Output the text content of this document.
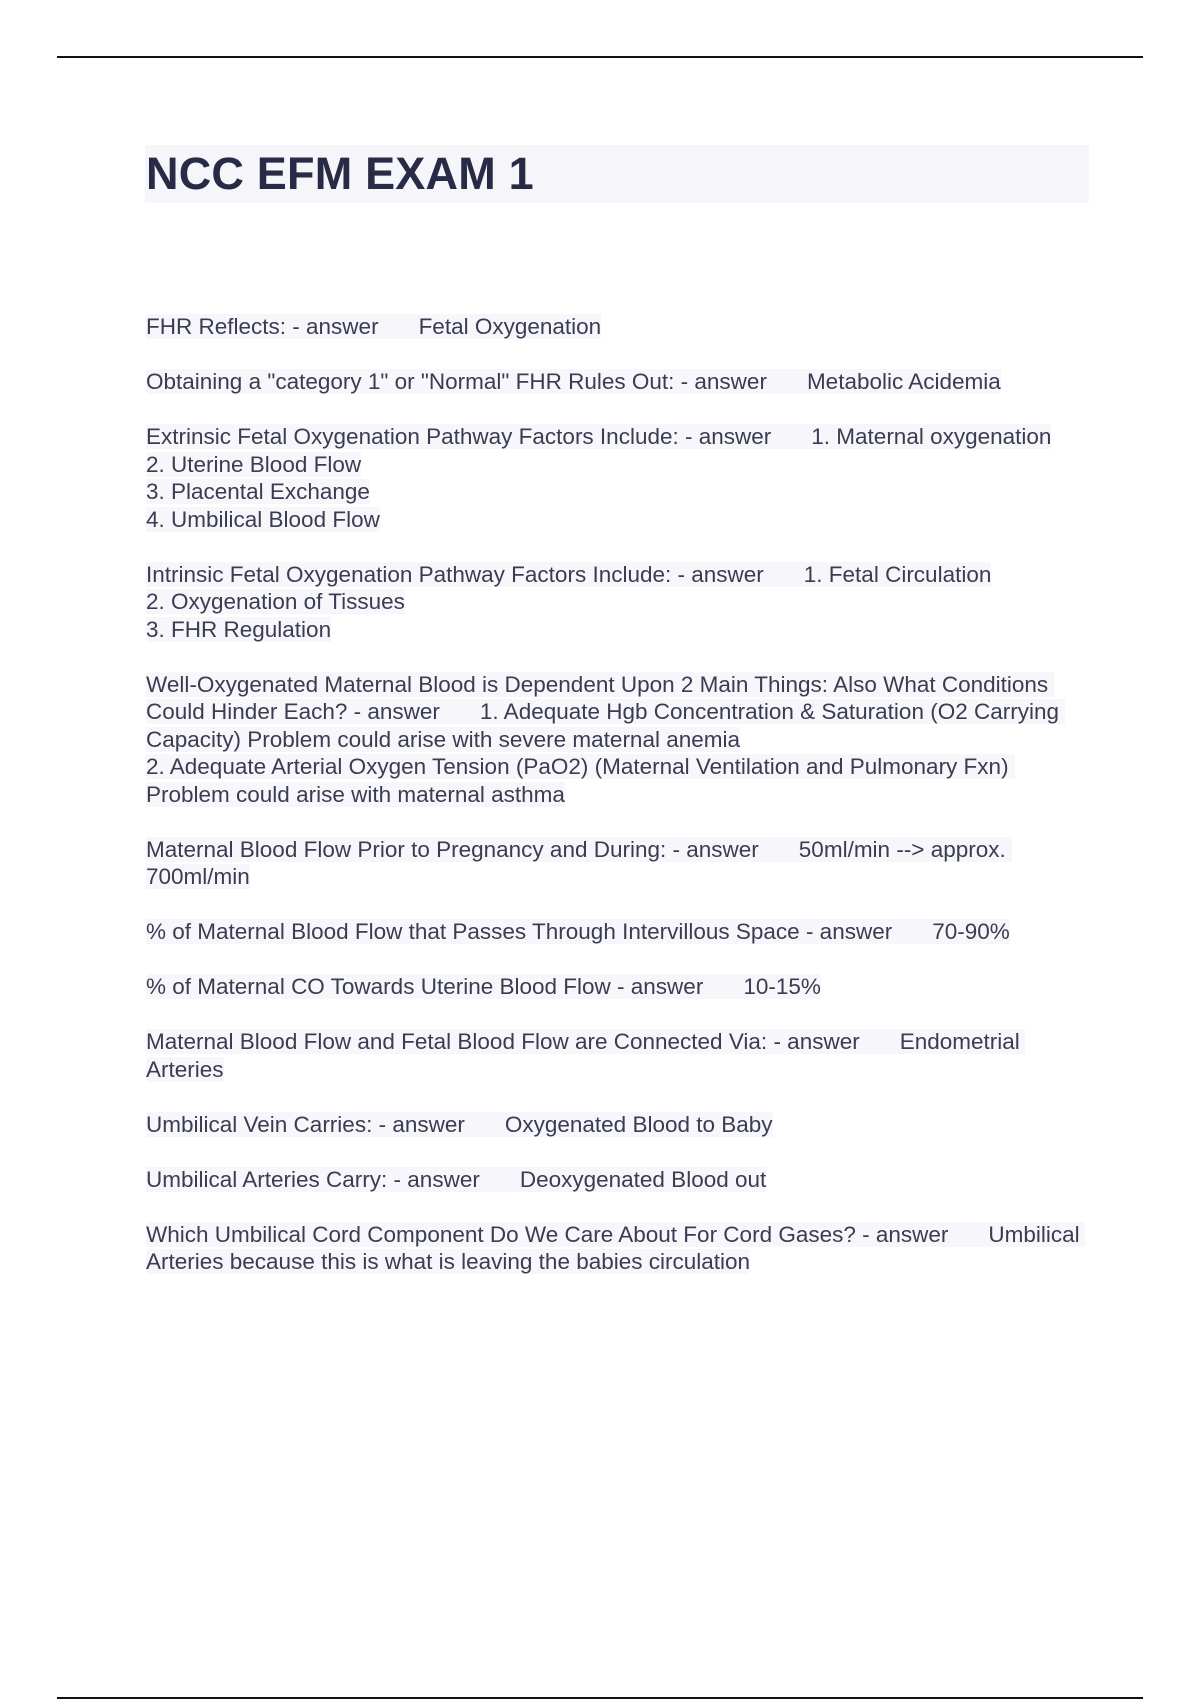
NCC EFM EXAM 1

FHR Reflects: - answer Fetal Oxygenation

Obtaining a "category 1" or "Normal" FHR Rules Out: - answer Metabolic Acidemia

Extrinsic Fetal Oxygenation Pathway Factors Include: - answer 1. Maternal oxygenation
2. Uterine Blood Flow
3. Placental Exchange
4. Umbilical Blood Flow

Intrinsic Fetal Oxygenation Pathway Factors Include: - answer 1. Fetal Circulation
2. Oxygenation of Tissues
3. FHR Regulation

Well-Oxygenated Maternal Blood is Dependent Upon 2 Main Things: Also What Conditions Could Hinder Each? - answer 1. Adequate Hgb Concentration & Saturation (O2 Carrying Capacity) Problem could arise with severe maternal anemia
2. Adequate Arterial Oxygen Tension (PaO2) (Maternal Ventilation and Pulmonary Fxn) Problem could arise with maternal asthma

Maternal Blood Flow Prior to Pregnancy and During: - answer 50ml/min --> approx. 700ml/min

% of Maternal Blood Flow that Passes Through Intervillous Space - answer 70-90%

% of Maternal CO Towards Uterine Blood Flow - answer 10-15%

Maternal Blood Flow and Fetal Blood Flow are Connected Via: - answer Endometrial Arteries

Umbilical Vein Carries: - answer Oxygenated Blood to Baby

Umbilical Arteries Carry: - answer Deoxygenated Blood out

Which Umbilical Cord Component Do We Care About For Cord Gases? - answer Umbilical Arteries because this is what is leaving the babies circulation
